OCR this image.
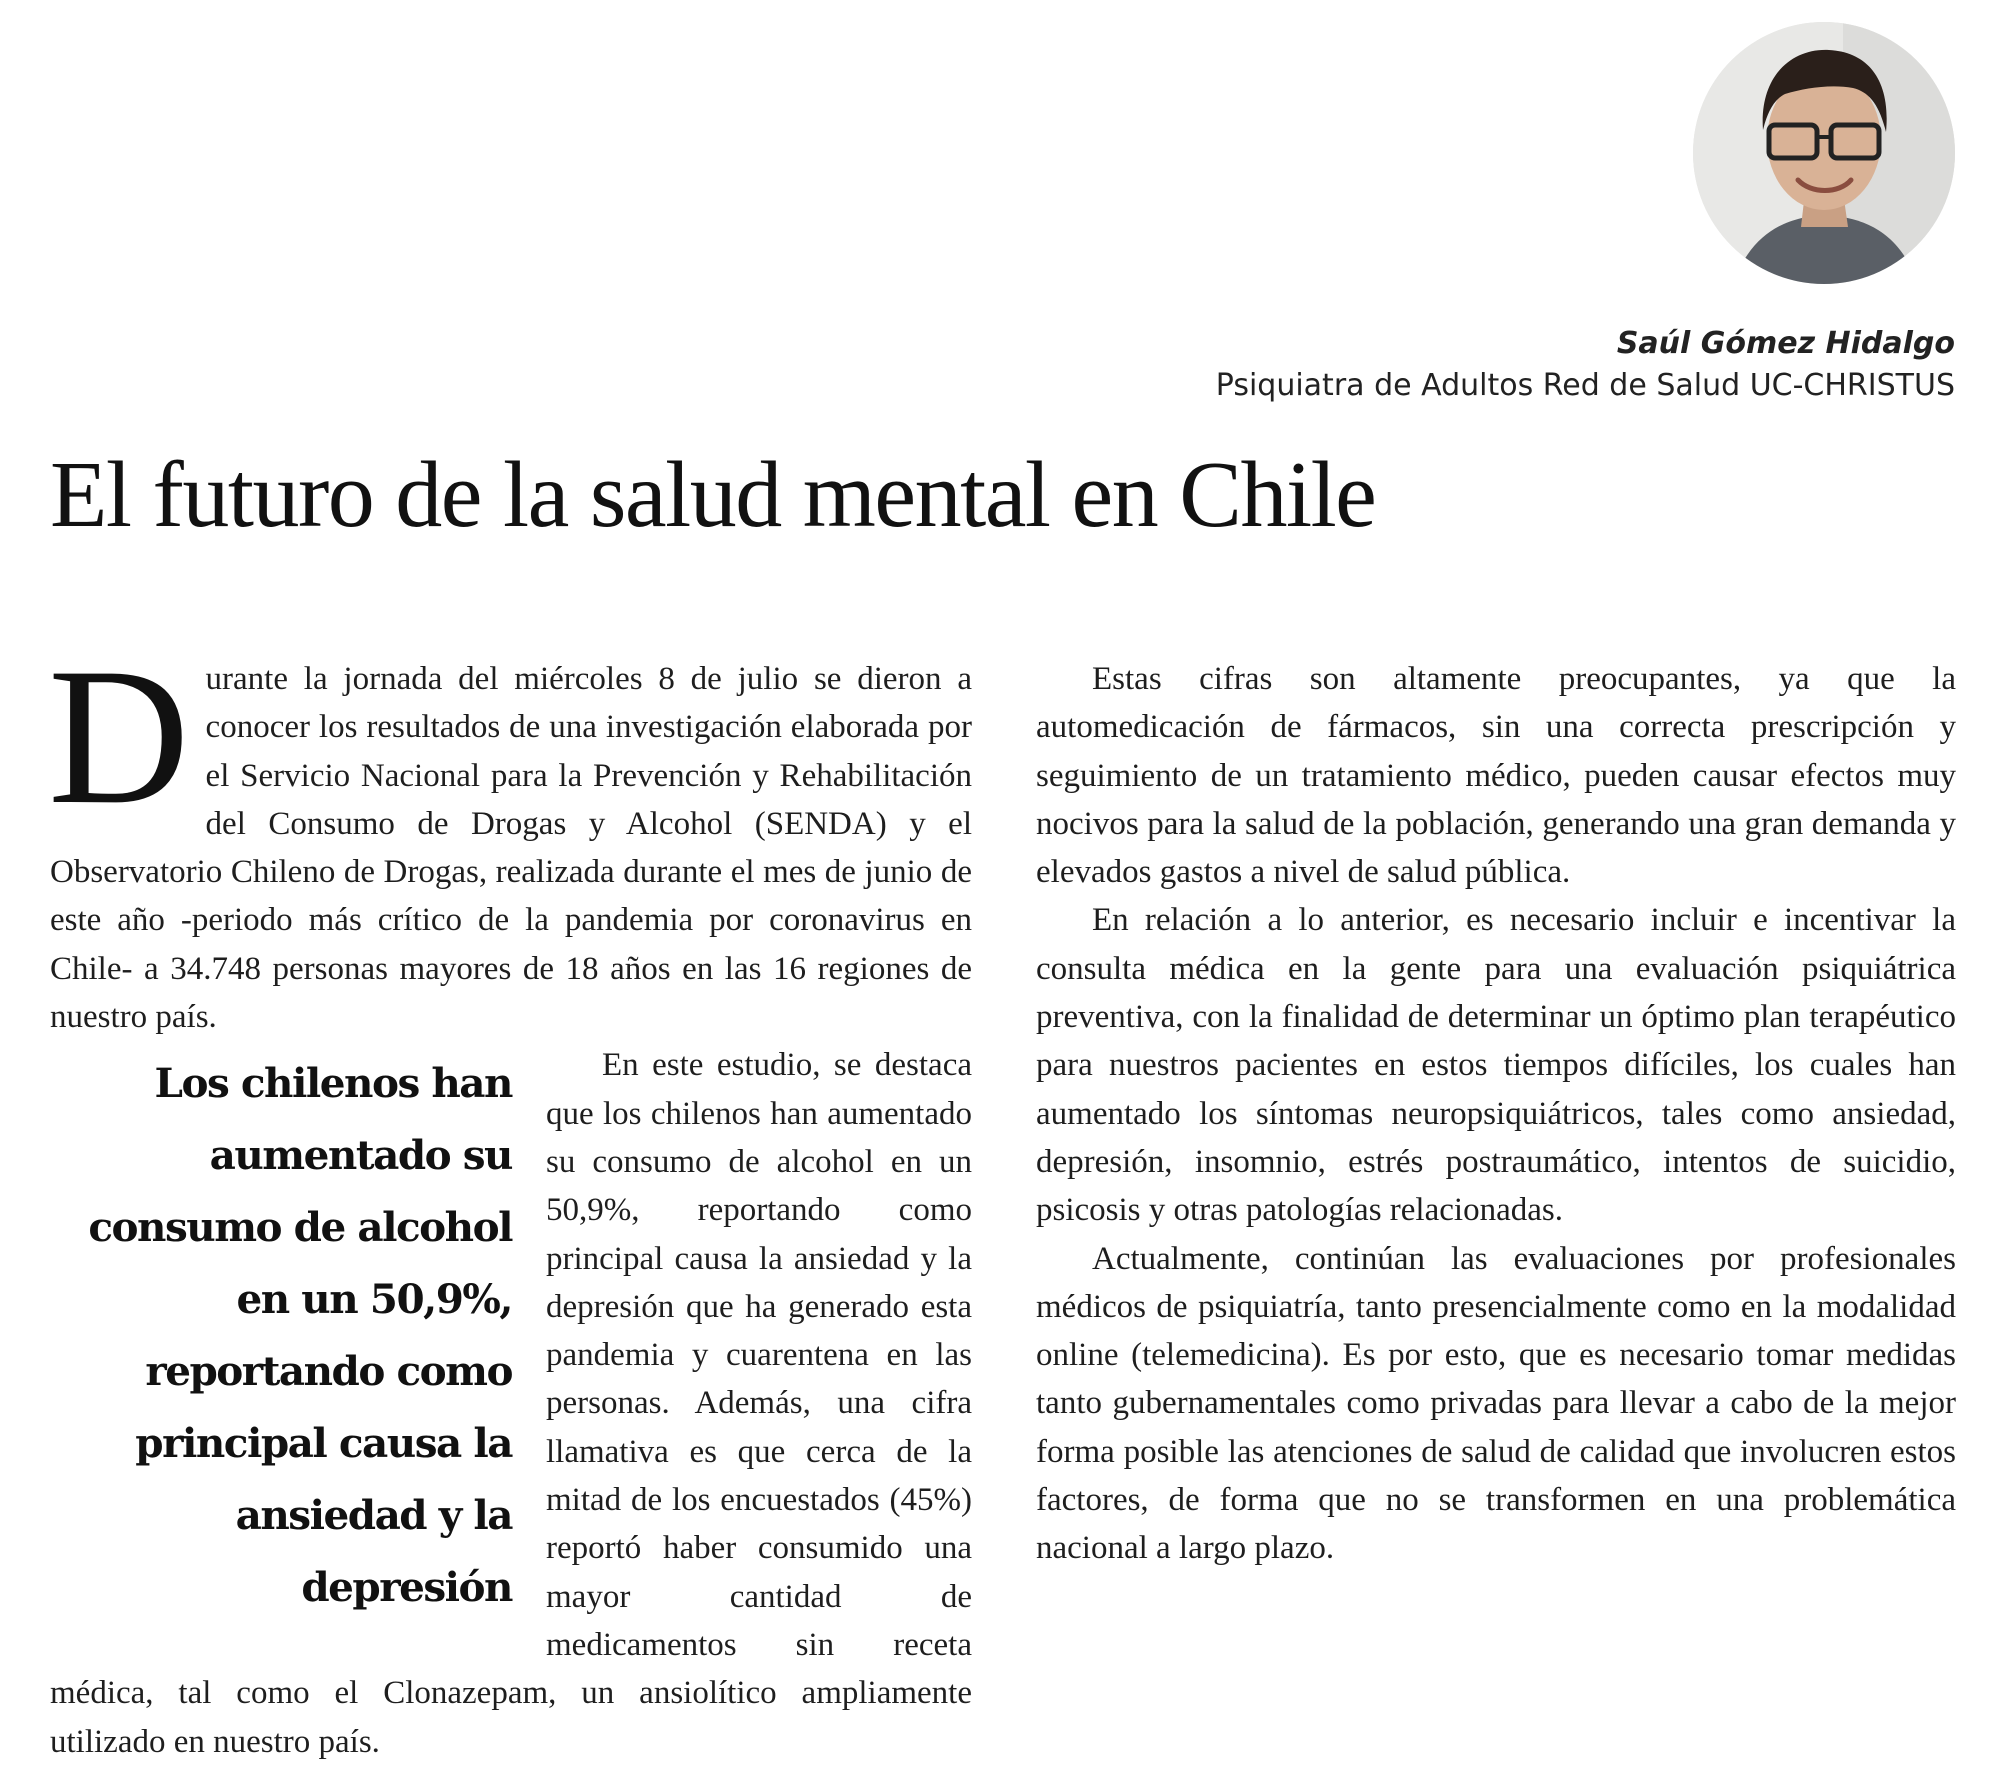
Saúl Gómez Hidalgo
Psiquiatra de Adultos Red de Salud UC-CHRISTUS
El futuro de la salud mental en Chile

Durante la jornada del miércoles 8 de julio se dieron a conocer los resultados de una investigación elaborada por el Servicio Nacional para la Prevención y Rehabilitación del Consumo de Drogas y Alcohol (SENDA) y el Observatorio Chileno de Drogas, realizada durante el mes de junio de este año -periodo más crítico de la pandemia por coronavirus en Chile- a 34.748 personas mayores de 18 años en las 16 regiones de nuestro país.

Los chilenos han aumentado su consumo de alcohol en un 50,9%, reportando como principal causa la ansiedad y la depresión

En este estudio, se destaca que los chilenos han aumentado su consumo de alcohol en un 50,9%, reportando como principal causa la ansiedad y la depresión que ha generado esta pandemia y cuarentena en las personas. Además, una cifra llamativa es que cerca de la mitad de los encuestados (45%) reportó haber consumido una mayor cantidad de medicamentos sin receta médica, tal como el Clonazepam, un ansiolítico ampliamente utilizado en nuestro país.

Estas cifras son altamente preocupantes, ya que la automedicación de fármacos, sin una correcta prescripción y seguimiento de un tratamiento médico, pueden causar efectos muy nocivos para la salud de la población, generando una gran demanda y elevados gastos a nivel de salud pública.

En relación a lo anterior, es necesario incluir e incentivar la consulta médica en la gente para una evaluación psiquiátrica preventiva, con la finalidad de determinar un óptimo plan terapéutico para nuestros pacientes en estos tiempos difíciles, los cuales han aumentado los síntomas neuropsiquiátricos, tales como ansiedad, depresión, insomnio, estrés postraumático, intentos de suicidio, psicosis y otras patologías relacionadas.

Actualmente, continúan las evaluaciones por profesionales médicos de psiquiatría, tanto presencialmente como en la modalidad online (telemedicina). Es por esto, que es necesario tomar medidas tanto gubernamentales como privadas para llevar a cabo de la mejor forma posible las atenciones de salud de calidad que involucren estos factores, de forma que no se transformen en una problemática nacional a largo plazo.
